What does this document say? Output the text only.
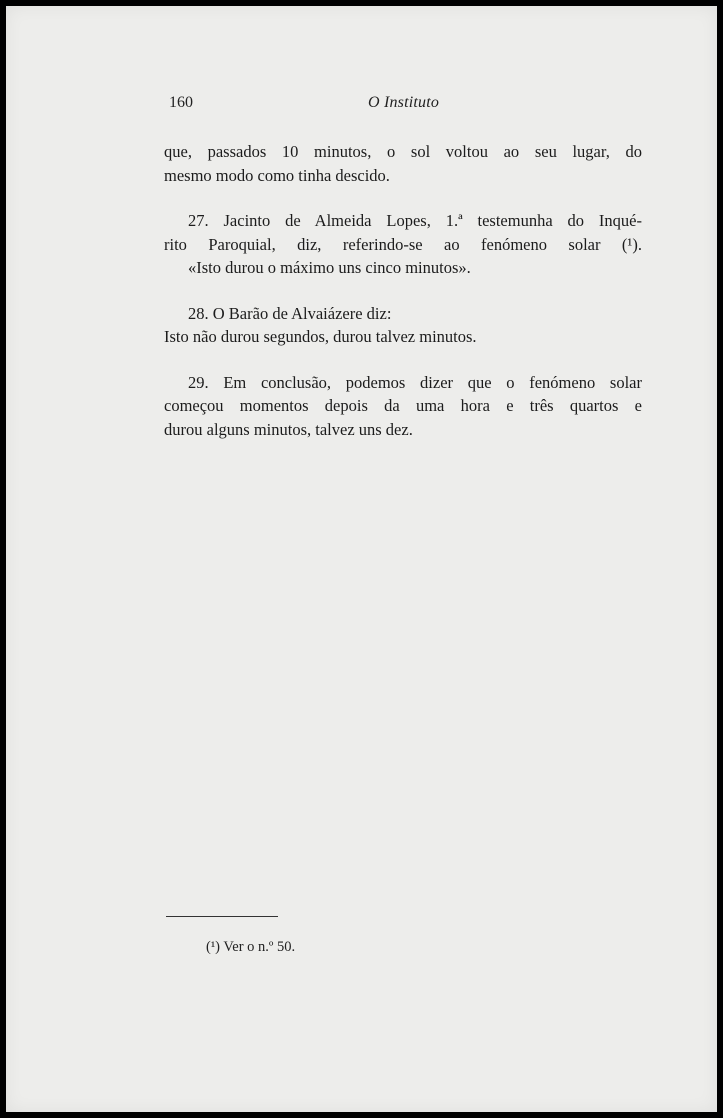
160	O Instituto

que, passados 10 minutos, o sol voltou ao seu lugar, do
mesmo modo como tinha descido.

27. Jacinto de Almeida Lopes, 1.ª testemunha do Inqué-
rito Paroquial, diz, referindo-se ao fenómeno solar (¹).
«Isto durou o máximo uns cinco minutos».

28. O Barão de Alvaiázere diz:
Isto não durou segundos, durou talvez minutos.

29. Em conclusão, podemos dizer que o fenómeno solar
começou momentos depois da uma hora e três quartos e
durou alguns minutos, talvez uns dez.

(¹) Ver o n.º 50.
